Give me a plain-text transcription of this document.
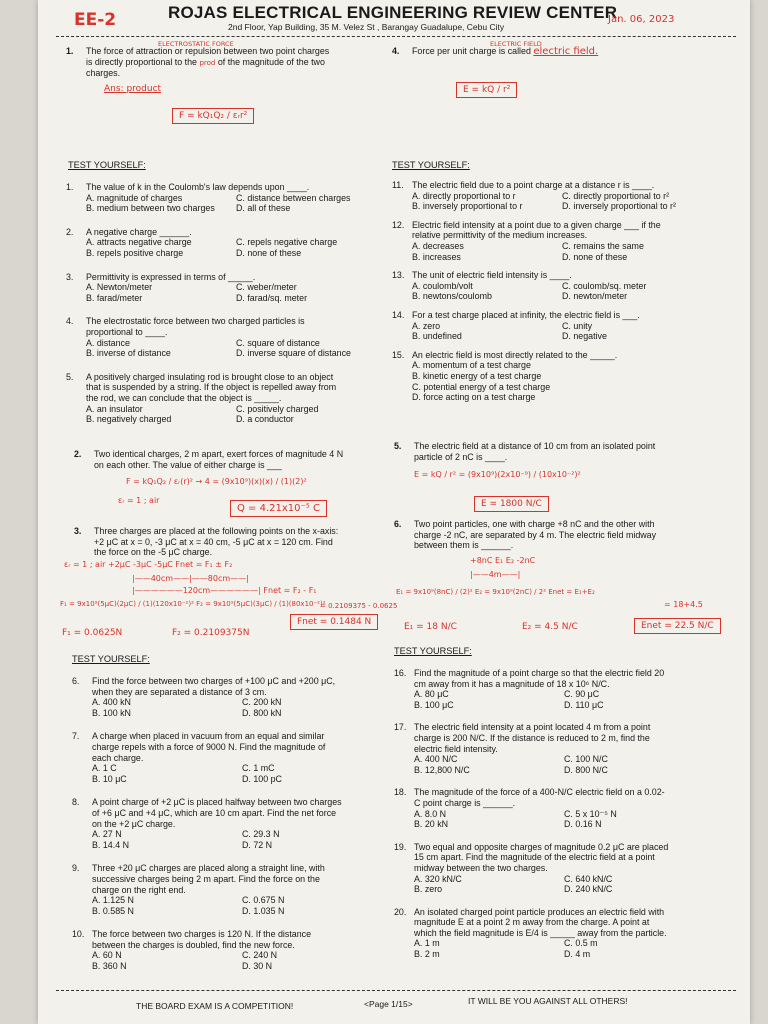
EE-2	ROJAS ELECTRICAL ENGINEERING REVIEW CENTER
2nd Floor, Yap Building, 35 M. Velez St , Barangay Guadalupe, Cebu City
Jan. 06, 2023
ELECTROSTATIC FORCE
1. The force of attraction or repulsion between two point charges
is directly proportional to the prod of the magnitude of the two
charges.
Ans: product
F = kQ₁Q₂ / εᵣr²
ELECTRIC FIELD
4. Force per unit charge is called electric field.
E = kQ / r²
TEST YOURSELF:	TEST YOURSELF:
1. The value of k in the Coulomb's law depends upon ____.
A. magnitude of charges	C. distance between charges
B. medium between two charges	D. all of these
2. A negative charge ______.
A. attracts negative charge	C. repels negative charge
B. repels positive charge	D. none of these
3. Permittivity is expressed in terms of _____.
A. Newton/meter	C. weber/meter
B. farad/meter	D. farad/sq. meter
4. The electrostatic force between two charged particles is
proportional to ____.
A. distance	C. square of distance
B. inverse of distance	D. inverse square of distance
5. A positively charged insulating rod is brought close to an object
that is suspended by a string. If the object is repelled away from
the rod, we can conclude that the object is _____.
A. an insulator	C. positively charged
B. negatively charged	D. a conductor
11. The electric field due to a point charge at a distance r is ____.
A. directly proportional to r	C. directly proportional to r²
B. inversely proportional to r	D. inversely proportional to r²
12. Electric field intensity at a point due to a given charge ___ if the
relative permittivity of the medium increases.
A. decreases	C. remains the same
B. increases	D. none of these
13. The unit of electric field intensity is ____.
A. coulomb/volt	C. coulomb/sq. meter
B. newtons/coulomb	D. newton/meter
14. For a test charge placed at infinity, the electric field is ___.
A. zero	C. unity
B. undefined	D. negative
15. An electric field is most directly related to the _____.
A. momentum of a test charge
B. kinetic energy of a test charge
C. potential energy of a test charge
D. force acting on a test charge
2. Two identical charges, 2 m apart, exert forces of magnitude 4 N
on each other. The value of either charge is ___
F = kQ₁Q₂ / εᵣ(r)² → 4 = (9x10⁹)(x)(x) / (1)(2)²
εᵣ = 1 ; air
Q = 4.21x10⁻⁵ C
3. Three charges are placed at the following points on the x-axis:
+2 μC at x = 0, -3 μC at x = 40 cm, -5 μC at x = 120 cm. Find
the force on the -5 μC charge.
εᵣ = 1 ; air +2μC -3μC -5μC Fnet = F₁ ± F₂
|——40cm——|——80cm——|
|——————120cm——————| Fnet = F₂ - F₁
F₁ = 9x10⁹(5μC)(2μC) / (1)(120x10⁻²)² F₂ = 9x10⁹(5μC)(3μC) / (1)(80x10⁻²)²
= 0.2109375 - 0.0625
F₁ = 0.0625N	F₂ = 0.2109375N
Fnet = 0.1484 N
5. The electric field at a distance of 10 cm from an isolated point
particle of 2 nC is ____.
E = kQ / r² = (9x10⁹)(2x10⁻⁹) / (10x10⁻²)²
E = 1800 N/C
6. Two point particles, one with charge +8 nC and the other with
charge -2 nC, are separated by 4 m. The electric field midway
between them is ______.
+8nC E₁ E₂ -2nC
|——4m——|
E₁ = 9x10⁹(8nC) / (2)² E₂ = 9x10⁹(2nC) / 2² Enet = E₁+E₂
= 18+4.5
E₁ = 18 N/C	E₂ = 4.5 N/C	Enet = 22.5 N/C
TEST YOURSELF:
TEST YOURSELF:
6. Find the force between two charges of +100 μC and +200 μC,
when they are separated a distance of 3 cm.
A. 400 kN	C. 200 kN
B. 100 kN	D. 800 kN
7. A charge when placed in vacuum from an equal and similar
charge repels with a force of 9000 N. Find the magnitude of
each charge.
A. 1 C	C. 1 mC
B. 10 μC	D. 100 pC
8. A point charge of +2 μC is placed halfway between two charges
of +6 μC and +4 μC, which are 10 cm apart. Find the net force
on the +2 μC charge.
A. 27 N	C. 29.3 N
B. 14.4 N	D. 72 N
9. Three +20 μC charges are placed along a straight line, with
successive charges being 2 m apart. Find the force on the
charge on the right end.
A. 1.125 N	C. 0.675 N
B. 0.585 N	D. 1.035 N
10. The force between two charges is 120 N. If the distance
between the charges is doubled, find the new force.
A. 60 N	C. 240 N
B. 360 N	D. 30 N
16. Find the magnitude of a point charge so that the electric field 20
cm away from it has a magnitude of 18 x 10⁶ N/C.
A. 80 μC	C. 90 μC
B. 100 μC	D. 110 μC
17. The electric field intensity at a point located 4 m from a point
charge is 200 N/C. If the distance is reduced to 2 m, find the
electric field intensity.
A. 400 N/C	C. 100 N/C
B. 12,800 N/C	D. 800 N/C
18. The magnitude of the force of a 400-N/C electric field on a 0.02-
C point charge is ______.
A. 8.0 N	C. 5 x 10⁻⁵ N
B. 20 kN	D. 0.16 N
19. Two equal and opposite charges of magnitude 0.2 μC are placed
15 cm apart. Find the magnitude of the electric field at a point
midway between the two charges.
A. 320 kN/C	C. 640 kN/C
B. zero	D. 240 kN/C
20. An isolated charged point particle produces an electric field with
magnitude E at a point 2 m away from the charge. A point at
which the field magnitude is E/4 is _____ away from the particle.
A. 1 m	C. 0.5 m
B. 2 m	D. 4 m
THE BOARD EXAM IS A COMPETITION!	<Page 1/15>	IT WILL BE YOU AGAINST ALL OTHERS!
